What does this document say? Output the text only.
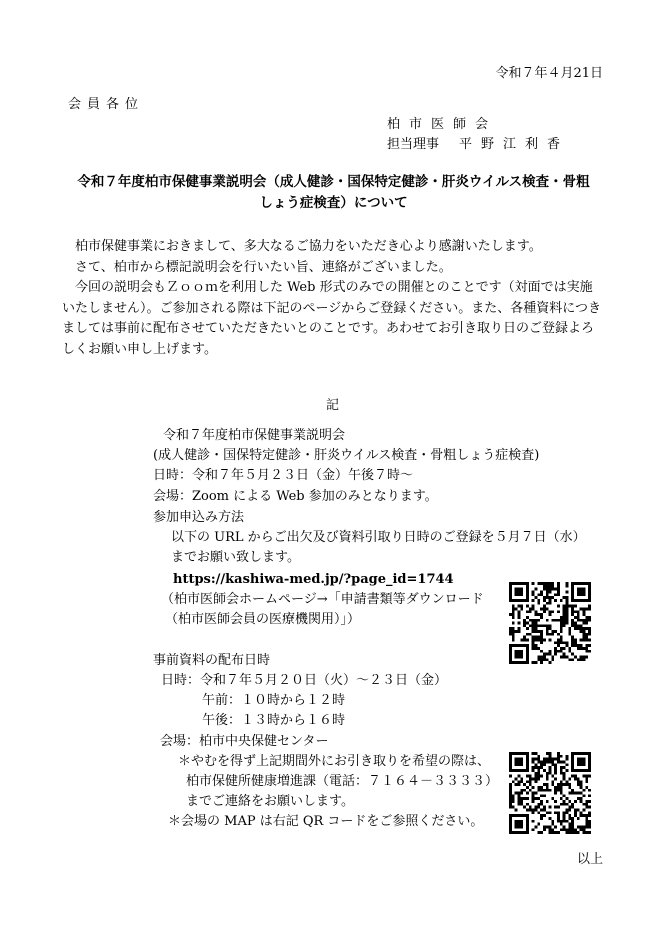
令和７年４月21日
会員各位
柏市医師会
担当理事 平野江利香
令和７年度柏市保健事業説明会（成人健診・国保特定健診・肝炎ウイルス検査・骨粗
しょう症検査）について

柏市保健事業におきまして、多大なるご協力をいただき心より感謝いたします。

さて、柏市から標記説明会を行いたい旨、連絡がございました。

今回の説明会もＺｏｏｍを利用した Web 形式のみでの開催とのことです（対面では実施いたしません）。ご参加される際は下記のページからご登録ください。また、各種資料につきましては事前に配布させていただきたいとのことです。あわせてお引き取り日のご登録よろしくお願い申し上げます。

記
令和７年度柏市保健事業説明会
(成人健診・国保特定健診・肝炎ウイルス検査・骨粗しょう症検査)
日時：令和７年５月２３日（金）午後７時～
会場：Zoom による Web 参加のみとなります。
参加申込み方法
以下の URL からご出欠及び資料引取り日時のご登録を５月７日（水）
までお願い致します。
https://kashiwa-med.jp/?page_id=1744
（柏市医師会ホームページ→「申請書類等ダウンロード
（柏市医師会員の医療機関用）」）
事前資料の配布日時
日時：令和７年５月２０日（火）～２３日（金）
午前：１０時から１２時
午後：１３時から１６時
会場：柏市中央保健センター
＊やむを得ず上記期間外にお引き取りを希望の際は、
柏市保健所健康増進課（電話：７１６４－３３３３）
までご連絡をお願いします。
＊会場の MAP は右記 QR コードをご参照ください。
以上
